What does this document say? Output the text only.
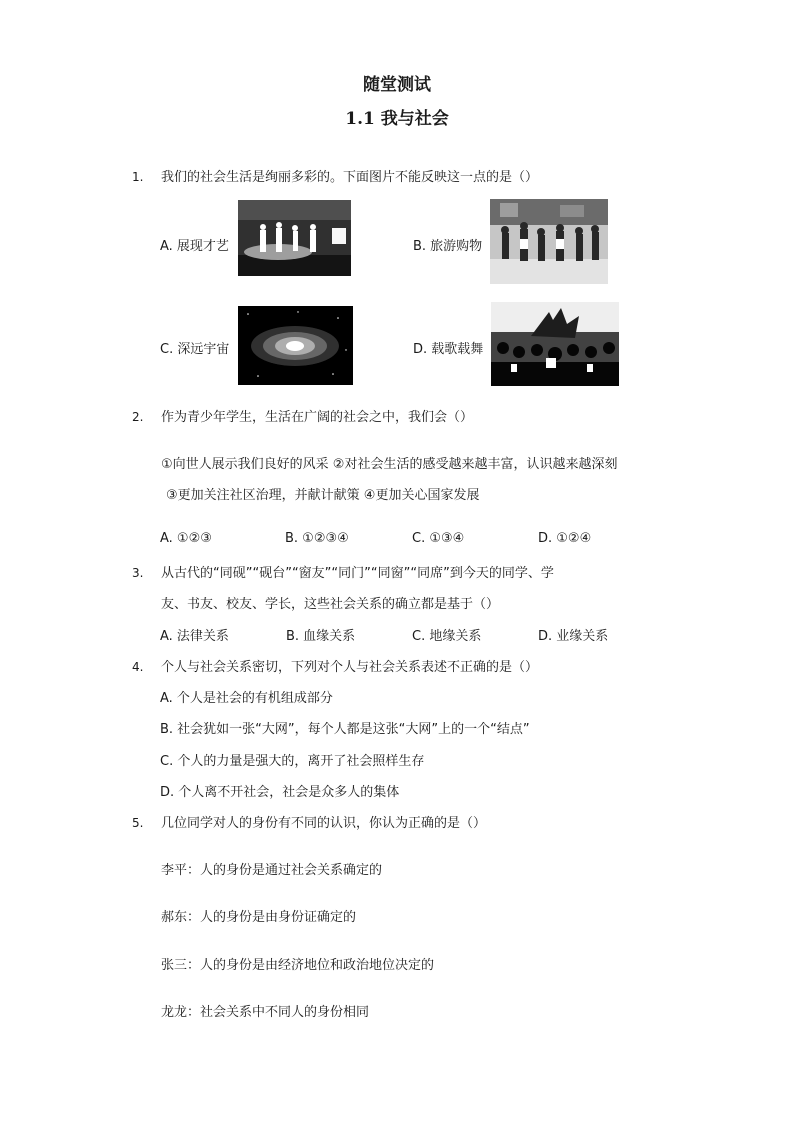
随堂测试
1.1 我与社会
1. 我们的社会生活是绚丽多彩的。下面图片不能反映这一点的是（）
A. 展现才艺	B. 旅游购物
C. 深远宇宙	D. 载歌载舞
2. 作为青少年学生，生活在广阔的社会之中，我们会（）
①向世人展示我们良好的风采 ②对社会生活的感受越来越丰富，认识越来越深刻
③更加关注社区治理，并献计献策 ④更加关心国家发展
A. ①②③	B. ①②③④	C. ①③④	D. ①②④
3. 从古代的“同砚”“砚台”“窗友”“同门”“同窗”“同席”到今天的同学、学
友、书友、校友、学长，这些社会关系的确立都是基于（）
A. 法律关系	B. 血缘关系	C. 地缘关系	D. 业缘关系
4. 个人与社会关系密切，下列对个人与社会关系表述不正确的是（）
A. 个人是社会的有机组成部分
B. 社会犹如一张“大网”，每个人都是这张“大网”上的一个“结点”
C. 个人的力量是强大的，离开了社会照样生存
D. 个人离不开社会，社会是众多人的集体
5. 几位同学对人的身份有不同的认识，你认为正确的是（）
李平：人的身份是通过社会关系确定的
郝东：人的身份是由身份证确定的
张三：人的身份是由经济地位和政治地位决定的
龙龙：社会关系中不同人的身份相同
